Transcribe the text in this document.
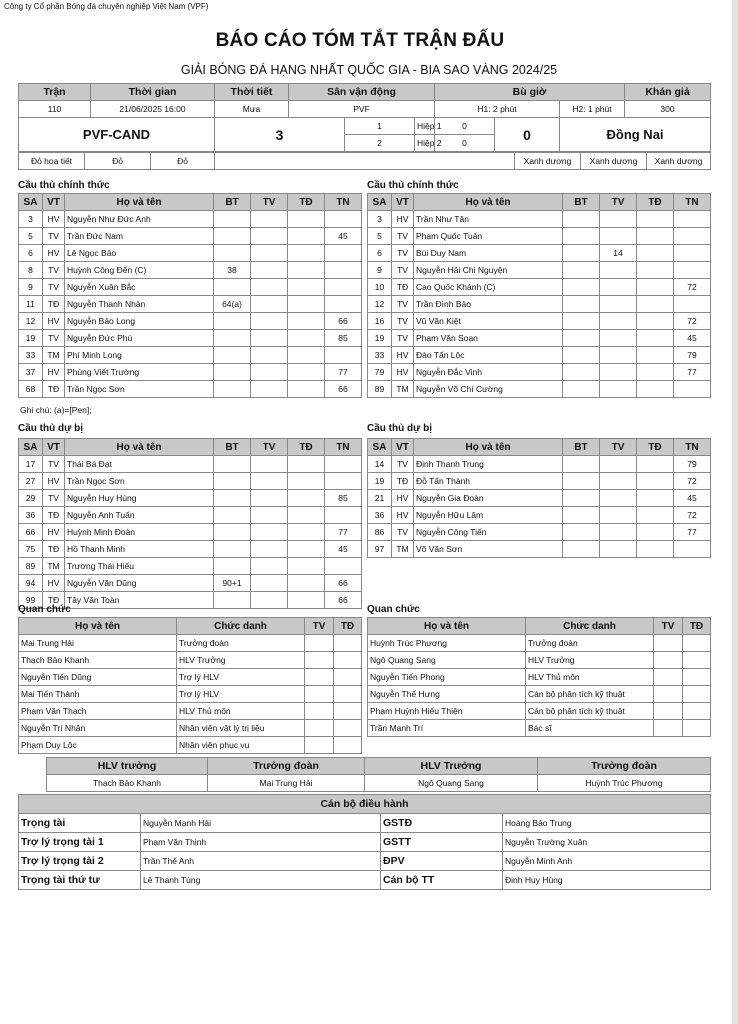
Công ty Cổ phần Bóng đá chuyên nghiệp Việt Nam (VPF)
BÁO CÁO TÓM TẮT TRẬN ĐẤU
GIẢI BÓNG ĐÁ HẠNG NHẤT QUỐC GIA - BIA SAO VÀNG 2024/25
Trận	Thời gian	Thời tiết	Sân vận động			Bù giờ			Khán giả
110	21/06/2025 16:00	Mưa	PVF			H1: 2 phút		H2: 1 phút	300
PVF-CAND		3		1	Hiệp 1	0	0	Đồng Nai	
				2	Hiệp 2	0			
Đỏ hoạ tiết	Đỏ	Đỏ		Xanh dương	Xanh dương	Xanh dương
Cầu thủ chính thức	Cầu thủ chính thức
SA	VT	Họ và tên	BT	TV	TĐ	TN
3	HV	Nguyễn Như Đức Anh				
5	TV	Trần Đức Nam				45
6	HV	Lê Ngọc Bảo				
8	TV	Huỳnh Công Đến (C)	38			
9	TV	Nguyễn Xuân Bắc				
11	TĐ	Nguyễn Thanh Nhàn	64(a)			
12	HV	Nguyễn Bảo Long				66
19	TV	Nguyễn Đức Phú				85
33	TM	Phí Minh Long				
37	HV	Phùng Viết Trường				77
68	TĐ	Trần Ngọc Sơn				66
SA	VT	Họ và tên	BT	TV	TĐ	TN
3	HV	Trần Như Tân				
5	TV	Phạm Quốc Tuấn				
6	TV	Bùi Duy Nam		14		
9	TV	Nguyễn Hải Chi Nguyện				
10	TĐ	Cao Quốc Khánh (C)				72
12	TV	Trần Đình Bảo				
16	TV	Vũ Văn Kiệt				72
19	TV	Phạm Văn Soạn				45
33	HV	Đào Tấn Lộc				79
79	HV	Nguyễn Đắc Vinh				77
89	TM	Nguyễn Võ Chí Cường				
Ghi chú: (a)=[Pen];
Cầu thủ dự bị	Cầu thủ dự bị
SA	VT	Họ và tên	BT	TV	TĐ	TN
17	TV	Thái Bá Đạt				
27	HV	Trần Ngọc Sơn				
29	TV	Nguyễn Huy Hùng				85
36	TĐ	Nguyễn Anh Tuấn				
66	HV	Huỳnh Minh Đoàn				77
75	TĐ	Hồ Thanh Minh				45
89	TM	Trương Thái Hiếu				
94	HV	Nguyễn Văn Dũng	90+1			66
99	TĐ	Tây Văn Toàn				66
SA	VT	Họ và tên	BT	TV	TĐ	TN
14	TV	Đinh Thanh Trung				79
19	TĐ	Đỗ Tấn Thành				72
21	HV	Nguyễn Gia Đoàn				45
36	HV	Nguyễn Hữu Lâm				72
86	TV	Nguyễn Công Tiến				77
97	TM	Võ Văn Sơn				
Quan chức	Quan chức
Họ và tên	Chức danh	TV	TĐ
Mai Trung Hải	Trưởng đoàn		
Thạch Bảo Khanh	HLV Trưởng		
Nguyễn Tiến Dũng	Trợ lý HLV		
Mai Tiến Thành	Trợ lý HLV		
Phạm Văn Thạch	HLV Thủ môn		
Nguyễn Trí Nhân	Nhân viên vật lý trị liệu		
Phạm Duy Lộc	Nhân viên phục vụ		
Họ và tên	Chức danh	TV	TĐ
Huỳnh Trúc Phương	Trưởng đoàn		
Ngô Quang Sang	HLV Trưởng		
Nguyễn Tiến Phong	HLV Thủ môn		
Nguyễn Thế Hưng	Cán bộ phân tích kỹ thuật		
Phạm Huỳnh Hiếu Thiện	Cán bộ phân tích kỹ thuật		
Trần Mạnh Trí	Bác sĩ		
HLV trưởng	Trưởng đoàn	HLV Trưởng	Trưởng đoàn
Thạch Bảo Khanh	Mai Trung Hải	Ngô Quang Sang	Huỳnh Trúc Phương
Cán bộ điều hành			
Trọng tài	Nguyễn Mạnh Hải	GSTĐ	Hoàng Bảo Trung
Trợ lý trọng tài 1	Phạm Văn Thịnh	GSTT	Nguyễn Trường Xuân
Trợ lý trọng tài 2	Trần Thế Anh	ĐPV	Nguyễn Minh Anh
Trọng tài thứ tư	Lê Thanh Tùng	Cán bộ TT	Đinh Huy Hùng
